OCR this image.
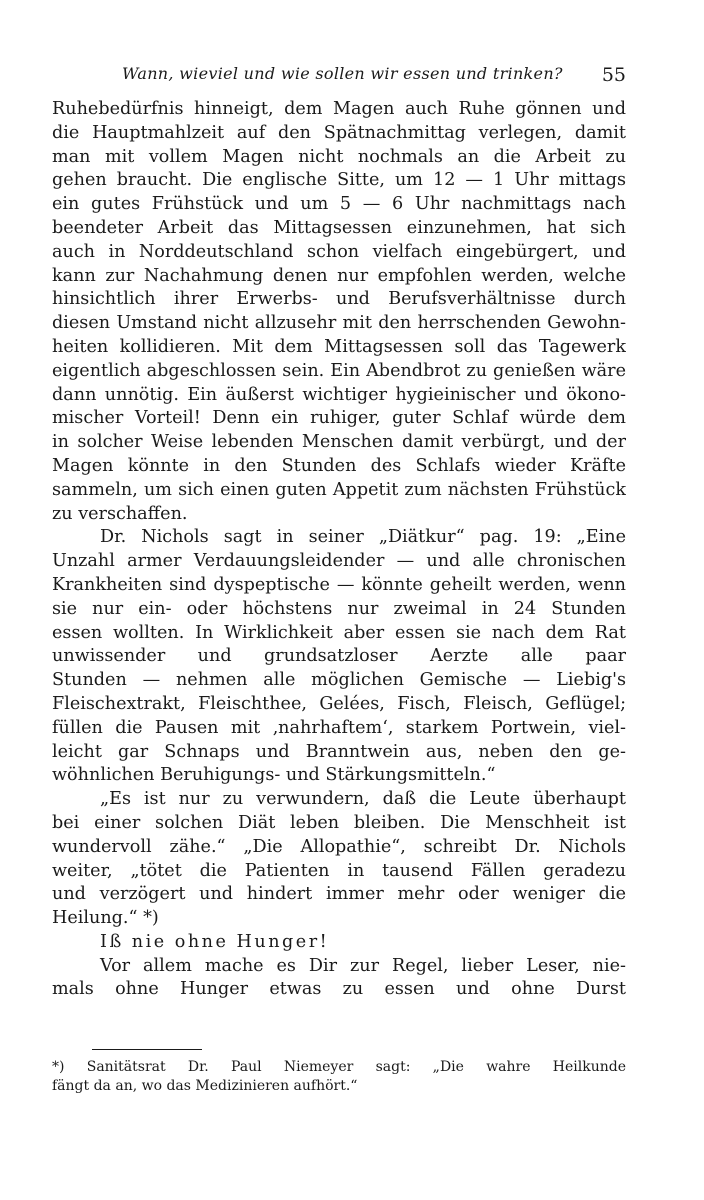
Wann, wieviel und wie sollen wir essen und trinken? 55
Ruhebedürfnis hinneigt, dem Magen auch Ruhe gönnen und
die Hauptmahlzeit auf den Spätnachmittag verlegen, damit
man mit vollem Magen nicht nochmals an die Arbeit zu
gehen braucht. Die englische Sitte, um 12 — 1 Uhr mittags
ein gutes Frühstück und um 5 — 6 Uhr nachmittags nach
beendeter Arbeit das Mittagsessen einzunehmen, hat sich
auch in Norddeutschland schon vielfach eingebürgert, und
kann zur Nachahmung denen nur empfohlen werden, welche
hinsichtlich ihrer Erwerbs- und Berufsverhältnisse durch
diesen Umstand nicht allzusehr mit den herrschenden Gewohn-
heiten kollidieren. Mit dem Mittagsessen soll das Tagewerk
eigentlich abgeschlossen sein. Ein Abendbrot zu genießen wäre
dann unnötig. Ein äußerst wichtiger hygieinischer und ökono-
mischer Vorteil! Denn ein ruhiger, guter Schlaf würde dem
in solcher Weise lebenden Menschen damit verbürgt, und der
Magen könnte in den Stunden des Schlafs wieder Kräfte
sammeln, um sich einen guten Appetit zum nächsten Frühstück
zu verschaffen.
Dr. Nichols sagt in seiner „Diätkur“ pag. 19: „Eine
Unzahl armer Verdauungsleidender — und alle chronischen
Krankheiten sind dyspeptische — könnte geheilt werden, wenn
sie nur ein- oder höchstens nur zweimal in 24 Stunden
essen wollten. In Wirklichkeit aber essen sie nach dem Rat
unwissender und grundsatzloser Aerzte alle paar
Stunden — nehmen alle möglichen Gemische — Liebig's
Fleischextrakt, Fleischthee, Gelées, Fisch, Fleisch, Geflügel;
füllen die Pausen mit ‚nahrhaftem‘, starkem Portwein, viel-
leicht gar Schnaps und Branntwein aus, neben den ge-
wöhnlichen Beruhigungs- und Stärkungsmitteln.“
„Es ist nur zu verwundern, daß die Leute überhaupt
bei einer solchen Diät leben bleiben. Die Menschheit ist
wundervoll zähe.“ „Die Allopathie“, schreibt Dr. Nichols
weiter, „tötet die Patienten in tausend Fällen geradezu
und verzögert und hindert immer mehr oder weniger die
Heilung.“ *)
Iß nie ohne Hunger!
Vor allem mache es Dir zur Regel, lieber Leser, nie-
mals ohne Hunger etwas zu essen und ohne Durst
*) Sanitätsrat Dr. Paul Niemeyer sagt: „Die wahre Heilkunde
fängt da an, wo das Medizinieren aufhört.“
